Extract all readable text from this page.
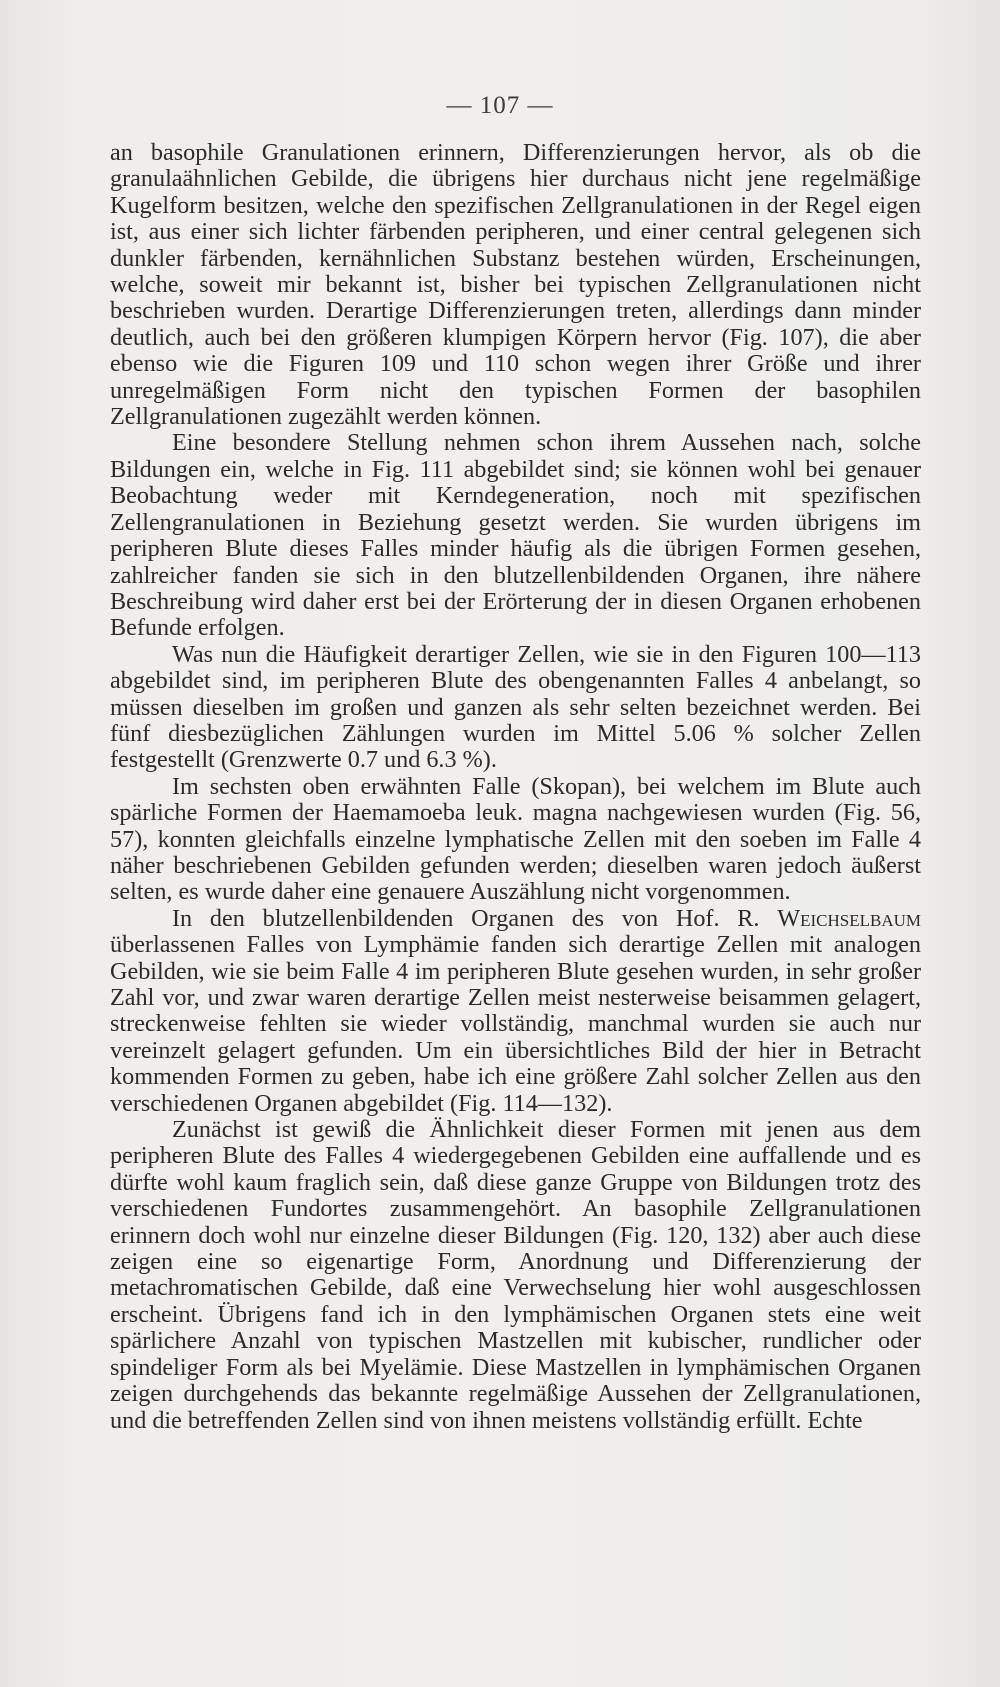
— 107 —

an basophile Granulationen erinnern, Differenzierungen hervor, als ob die granulaähnlichen Gebilde, die übrigens hier durchaus nicht jene regelmäßige Kugelform besitzen, welche den spezifischen Zellgranulationen in der Regel eigen ist, aus einer sich lichter färbenden peripheren, und einer central gelegenen sich dunkler färbenden, kernähnlichen Substanz bestehen würden, Erscheinungen, welche, soweit mir bekannt ist, bisher bei typischen Zellgranulationen nicht beschrieben wurden. Derartige Differenzierungen treten, allerdings dann minder deutlich, auch bei den größeren klumpigen Körpern hervor (Fig. 107), die aber ebenso wie die Figuren 109 und 110 schon wegen ihrer Größe und ihrer unregelmäßigen Form nicht den typischen Formen der basophilen Zellgranulationen zugezählt werden können.

Eine besondere Stellung nehmen schon ihrem Aussehen nach, solche Bildungen ein, welche in Fig. 111 abgebildet sind; sie können wohl bei genauer Beobachtung weder mit Kerndegeneration, noch mit spezifischen Zellengranulationen in Beziehung gesetzt werden. Sie wurden übrigens im peripheren Blute dieses Falles minder häufig als die übrigen Formen gesehen, zahlreicher fanden sie sich in den blutzellenbildenden Organen, ihre nähere Beschreibung wird daher erst bei der Erörterung der in diesen Organen erhobenen Befunde erfolgen.

Was nun die Häufigkeit derartiger Zellen, wie sie in den Figuren 100—113 abgebildet sind, im peripheren Blute des obengenannten Falles 4 anbelangt, so müssen dieselben im großen und ganzen als sehr selten bezeichnet werden. Bei fünf diesbezüglichen Zählungen wurden im Mittel 5.06 % solcher Zellen festgestellt (Grenzwerte 0.7 und 6.3 %).

Im sechsten oben erwähnten Falle (Skopan), bei welchem im Blute auch spärliche Formen der Haemamoeba leuk. magna nachgewiesen wurden (Fig. 56, 57), konnten gleichfalls einzelne lymphatische Zellen mit den soeben im Falle 4 näher beschriebenen Gebilden gefunden werden; dieselben waren jedoch äußerst selten, es wurde daher eine genauere Auszählung nicht vorgenommen.

In den blutzellenbildenden Organen des von Hof. R. Weichselbaum überlassenen Falles von Lymphämie fanden sich derartige Zellen mit analogen Gebilden, wie sie beim Falle 4 im peripheren Blute gesehen wurden, in sehr großer Zahl vor, und zwar waren derartige Zellen meist nesterweise beisammen gelagert, streckenweise fehlten sie wieder vollständig, manchmal wurden sie auch nur vereinzelt gelagert gefunden. Um ein übersichtliches Bild der hier in Betracht kommenden Formen zu geben, habe ich eine größere Zahl solcher Zellen aus den verschiedenen Organen abgebildet (Fig. 114—132).

Zunächst ist gewiß die Ähnlichkeit dieser Formen mit jenen aus dem peripheren Blute des Falles 4 wiedergegebenen Gebilden eine auffallende und es dürfte wohl kaum fraglich sein, daß diese ganze Gruppe von Bildungen trotz des verschiedenen Fundortes zusammengehört. An basophile Zellgranulationen erinnern doch wohl nur einzelne dieser Bildungen (Fig. 120, 132) aber auch diese zeigen eine so eigenartige Form, Anordnung und Differenzierung der metachromatischen Gebilde, daß eine Verwechselung hier wohl ausgeschlossen erscheint. Übrigens fand ich in den lymphämischen Organen stets eine weit spärlichere Anzahl von typischen Mastzellen mit kubischer, rundlicher oder spindeliger Form als bei Myelämie. Diese Mastzellen in lymphämischen Organen zeigen durchgehends das bekannte regelmäßige Aussehen der Zellgranulationen, und die betreffenden Zellen sind von ihnen meistens vollständig erfüllt. Echte
